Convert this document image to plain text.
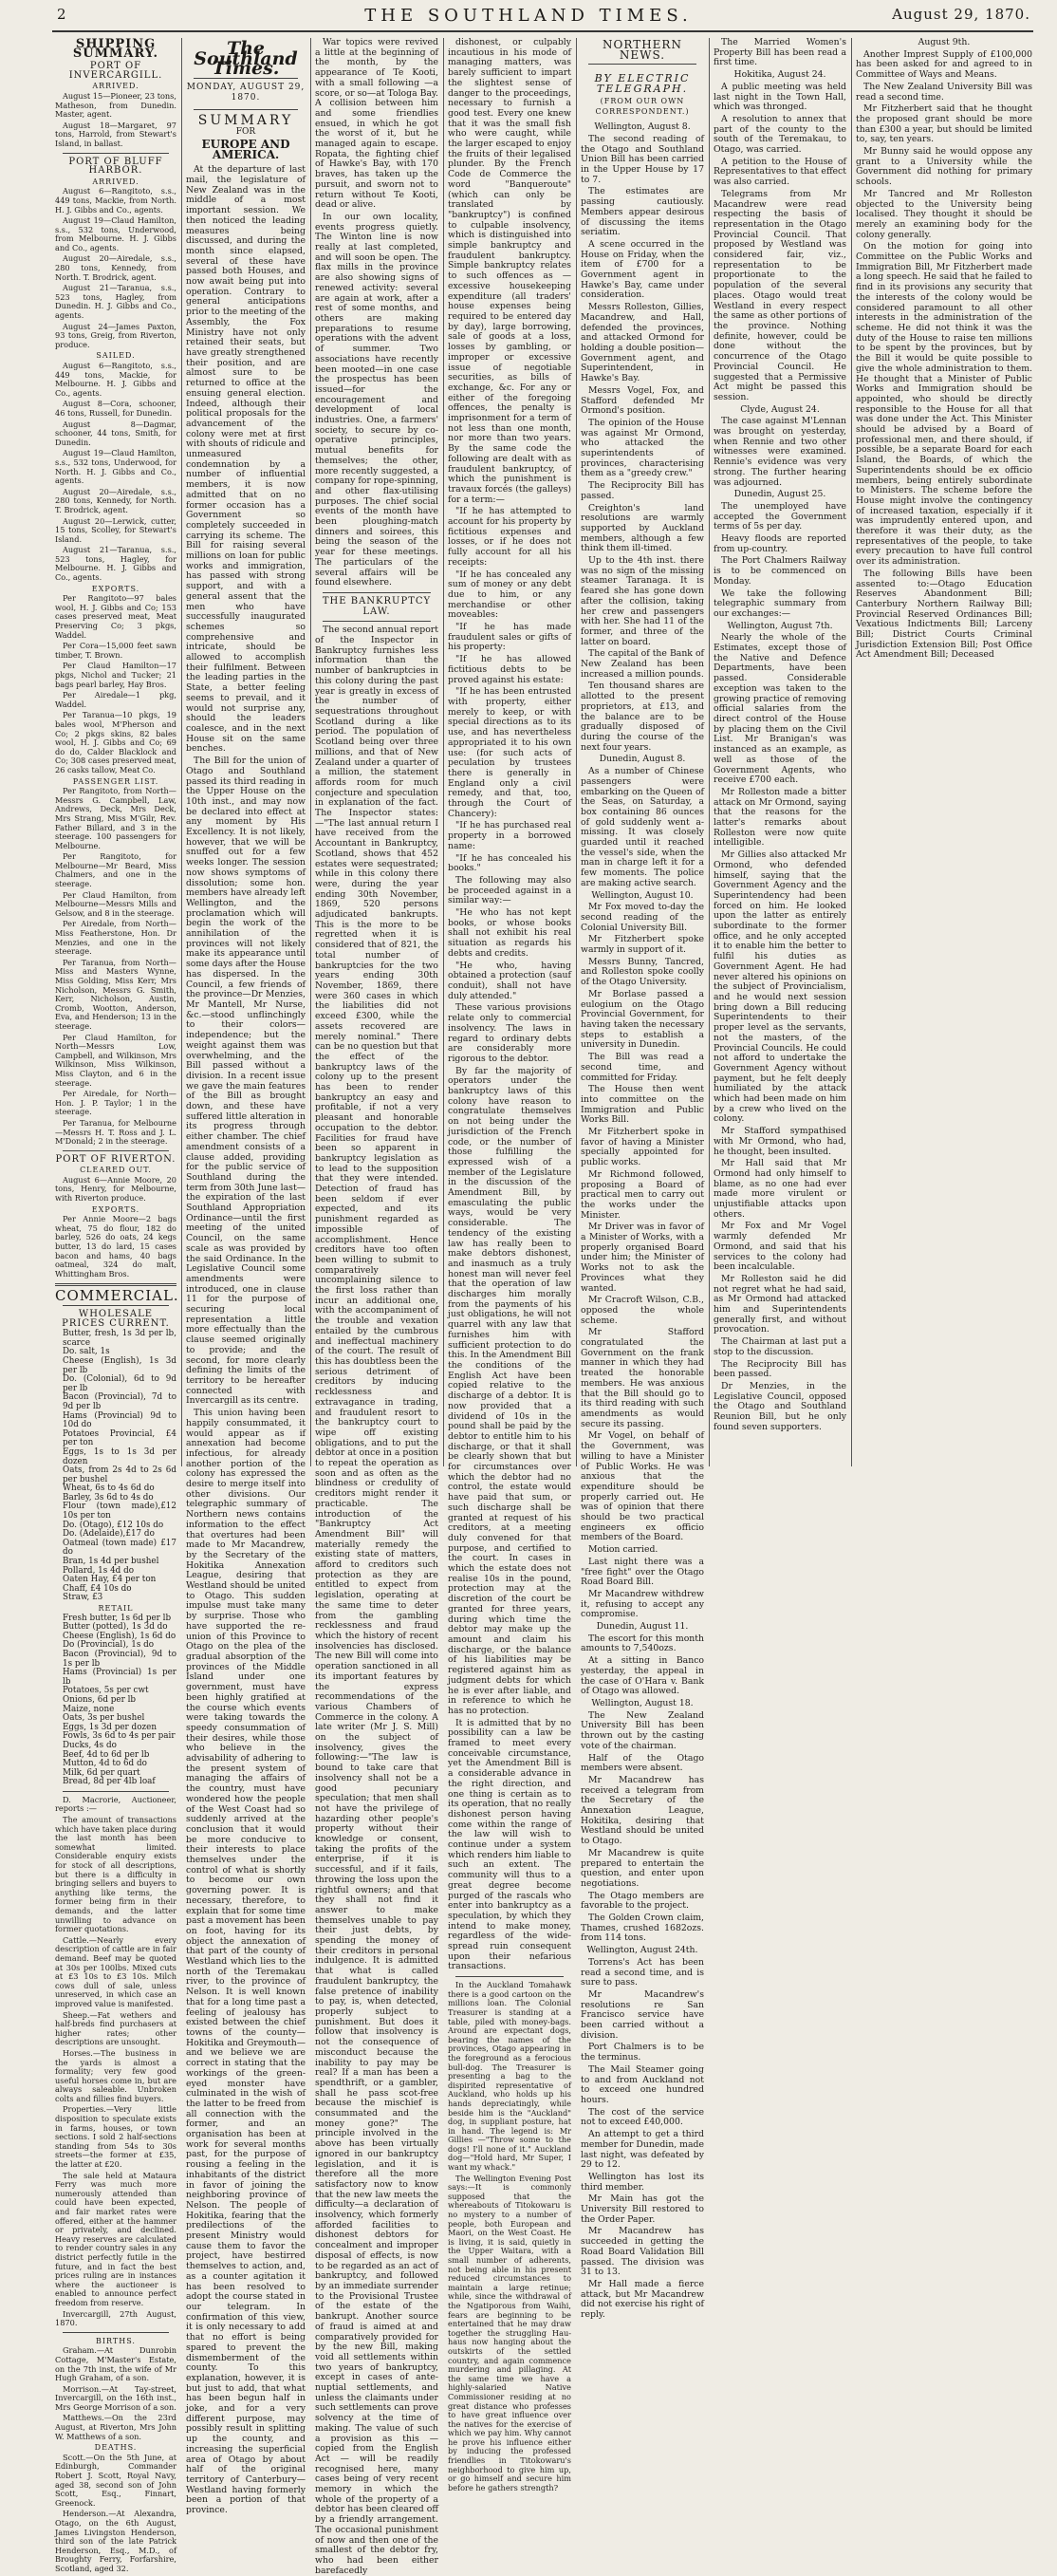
2	THE SOUTHLAND TIMES.	August 29, 1870.
SHIPPING SUMMARY.
PORT OF INVERCARGILL.
ARRIVED.

August 15—Pioneer, 23 tons, Matheson, from Dunedin. Master, agent.

August 18—Margaret, 97 tons, Harrold, from Stewart's Island, in ballast.

PORT OF BLUFF HARBOR.
ARRIVED.

August 6—Rangitoto, s.s., 449 tons, Mackie, from North. H. J. Gibbs and Co., agents.

August 19—Claud Hamilton, s.s., 532 tons, Underwood, from Melbourne. H. J. Gibbs and Co., agents.

August 20—Airedale, s.s., 280 tons, Kennedy, from North. T. Brodrick, agent.

August 21—Taranua, s.s., 523 tons, Hagley, from Dunedin. H. J. Gibbs and Co., agents.

August 24—James Paxton, 93 tons, Greig, from Riverton, produce.

SAILED.

August 6—Rangitoto, s.s., 449 tons, Mackie, for Melbourne. H. J. Gibbs and Co., agents.

August 8—Cora, schooner, 46 tons, Russell, for Dunedin.

August 8—Dagmar, schooner, 44 tons, Smith, for Dunedin.

August 19—Claud Hamilton, s.s., 532 tons, Underwood, for North. H. J. Gibbs and Co., agents.

August 20—Airedale, s.s., 280 tons, Kennedy, for North. T. Brodrick, agent.

August 20—Lerwick, cutter, 15 tons, Scolley, for Stewart's Island.

August 21—Taranua, s.s., 523 tons, Hagley, for Melbourne. H. J. Gibbs and Co., agents.

EXPORTS.

Per Rangitoto—97 bales wool, H. J. Gibbs and Co; 153 cases preserved meat, Meat Preserving Co; 3 pkgs, Waddel.

Per Cora—15,000 feet sawn timber, T. Brown.

Per Claud Hamilton—17 pkgs, Nichol and Tucker; 21 bags pearl barley, Hay Bros.

Per Airedale—1 pkg, Waddel.

Per Taranua—10 pkgs, 19 bales wool, M'Pherson and Co; 2 pkgs skins, 82 bales wool, H. J. Gibbs and Co; 69 do do, Calder Blacklock and Co; 308 cases preserved meat, 26 casks tallow, Meat Co.

PASSENGER LIST.

Per Rangitoto, from North—Messrs G. Campbell, Law, Andrews, Deck, Mrs Deck, Mrs Strang, Miss M'Gilr, Rev. Father Billard, and 3 in the steerage. 100 passengers for Melbourne.

Per Rangitoto, for Melbourne—Mr Beard, Miss Chalmers, and one in the steerage.

Per Claud Hamilton, from Melbourne—Messrs Mills and Gelsow, and 8 in the steerage.

Per Airedale, from North—Miss Featherstone, Hon. Dr Menzies, and one in the steerage.

Per Taranua, from North—Miss and Masters Wynne, Miss Golding, Miss Kerr, Mrs Nicholson, Messrs G. Smith, Kerr, Nicholson, Austin, Cromb, Wootton, Anderson, Eva, and Henderson; 13 in the steerage.

Per Claud Hamilton, for North—Messrs Low, Campbell, and Wilkinson, Mrs Wilkinson, Miss Wilkinson, Miss Clayton, and 6 in the steerage.

Per Airedale, for North—Hon. J. P. Taylor; 1 in the steerage.

Per Taranua, for Melbourne—Messrs H. T. Ross and J. L. M'Donald; 2 in the steerage.

PORT OF RIVERTON.
CLEARED OUT.

August 6—Annie Moore, 20 tons, Henry, for Melbourne, with Riverton produce.

EXPORTS.

Per Annie Moore—2 bags wheat, 75 do flour, 182 do barley, 526 do oats, 24 kegs butter, 13 do lard, 15 cases bacon and hams, 40 bags oatmeal, 324 do malt, Whittingham Bros.

COMMERCIAL.
WHOLESALE PRICES CURRENT.

Butter, fresh, 1s 3d per lb, scarce

Do. salt, 1s

Cheese (English), 1s 3d per lb

Do. (Colonial), 6d to 9d per lb

Bacon (Provincial), 7d to 9d per lb

Hams (Provincial) 9d to 10d do

Potatoes Provincial, £4 per ton

Eggs, 1s to 1s 3d per dozen

Oats, from 2s 4d to 2s 6d per bushel

Wheat, 6s to 4s 6d do

Barley, 3s 6d to 4s do

Flour (town made),£12 10s per ton

Do. (Otago), £12 10s do

Do. (Adelaide),£17 do

Oatmeal (town made) £17 do

Bran, 1s 4d per bushel

Pollard, 1s 4d do

Oaten Hay, £4 per ton

Chaff, £4 10s do

Straw, £3

RETAIL

Fresh butter, 1s 6d per lb

Butter (potted), 1s 3d do

Cheese (English), 1s 6d do

Do (Provincial), 1s do

Bacon (Provincial), 9d to 1s per lb

Hams (Provincial) 1s per lb

Potatoes, 5s per cwt

Onions, 6d per lb

Maize, none

Oats, 3s per bushel

Eggs, 1s 3d per dozen

Fowls, 3s 6d to 4s per pair

Ducks, 4s do

Beef, 4d to 6d per lb

Mutton, 4d to 6d do

Milk, 6d per quart

Bread, 8d per 4lb loaf

D. Macrorie, Auctioneer, reports :—

The amount of transactions which have taken place during the last month has been somewhat limited. Considerable enquiry exists for stock of all descriptions, but there is a difficulty in bringing sellers and buyers to anything like terms, the former being firm in their demands, and the latter unwilling to advance on former quotations.

Cattle.—Nearly every description of cattle are in fair demand. Beef may be quoted at 30s per 100lbs. Mixed cuts at £3 10s to £3 10s. Milch cows dull of sale, unless unreserved, in which case an improved value is manifested.

Sheep.—Fat wethers and half-breds find purchasers at higher rates; other descriptions are unsought.

Horses.—The business in the yards is almost a formality; very few good useful horses come in, but are always saleable. Unbroken colts and fillies find buyers.

Properties.—Very little disposition to speculate exists in farms, houses, or town sections. I sold 2 half-sections standing from 54s to 30s streets—the former at £35, the latter at £20.

The sale held at Mataura Ferry was much more numerously attended than could have been expected, and fair market rates were offered, either at the hammer or privately, and declined. Heavy reserves are calculated to render country sales in any district perfectly futile in the future, and in fact the best prices ruling are in instances where the auctioneer is enabled to announce perfect freedom from reserve.

Invercargill, 27th August, 1870.

BIRTHS.

Graham.—At Dunrobin Cottage, M'Master's Estate, on the 7th inst, the wife of Mr Hugh Graham, of a son.

Morrison.—At Tay-street, Invercargill, on the 16th inst., Mrs George Morrison of a son.

Matthews.—On the 23rd August, at Riverton, Mrs John W. Matthews of a son.

DEATHS.

Scott.—On the 5th June, at Edinburgh, Commander Robert J. Scott, Royal Navy, aged 38, second son of John Scott, Esq., Finnart, Greenock.

Henderson.—At Alexandra, Otago, on the 6th August, James Livingston Henderson, third son of the late Patrick Henderson, Esq., M.D., of Broughty Ferry, Forfarshire, Scotland, aged 32.

The Southland Times.
MONDAY, AUGUST 29, 1870.
SUMMARY
FOR
EUROPE AND AMERICA.

At the departure of last mail, the legislature of New Zealand was in the middle of a most important session. We then noticed the leading measures being discussed, and during the month since elapsed, several of these have passed both Houses, and now await being put into operation. Contrary to general anticipations prior to the meeting of the Assembly, the Fox Ministry have not only retained their seats, but have greatly strengthened their position, and are almost sure to be returned to office at the ensuing general election. Indeed, although their political proposals for the advancement of the colony were met at first with shouts of ridicule and unmeasured condemnation by a number of influential members, it is now admitted that on no former occasion has a Government so completely succeeded in carrying its scheme. The Bill for raising several millions on loan for public works and immigration, has passed with strong support, and with a general assent that the men who have successfully inaugurated schemes so comprehensive and intricate, should be allowed to accomplish their fulfilment. Between the leading parties in the State, a better feeling seems to prevail, and it would not surprise any, should the leaders coalesce, and in the next House sit on the same benches.

The Bill for the union of Otago and Southland passed its third reading in the Upper House on the 10th inst., and may now be declared into effect at any moment by His Excellency. It is not likely, however, that we will be snuffed out for a few weeks longer. The session now shows symptoms of dissolution; some hon. members have already left Wellington, and the proclamation which will begin the work of the annihilation of the provinces will not likely make its appearance until some days after the House has dispersed. In the Council, a few friends of the province—Dr Menzies, Mr Mantell, Mr Nurse, &c.—stood unflinchingly to their colors—independence; but the weight against them was overwhelming, and the Bill passed without a division. In a recent issue we gave the main features of the Bill as brought down, and these have suffered little alteration in its progress through either chamber. The chief amendment consists of a clause added, providing for the public service of Southland during the term from 30th June last—the expiration of the last Southland Appropriation Ordinance—until the first meeting of the united Council, on the same scale as was provided by the said Ordinance. In the Legislative Council some amendments were introduced, one in clause 11 for the purpose of securing local representation a little more effectually than the clause seemed originally to provide; and the second, for more clearly defining the limits of the territory to be hereafter connected with Invercargill as its centre.

This union having been happily consummated, it would appear as if annexation had become infectious, for already another portion of the colony has expressed the desire to merge itself into other divisions. Our telegraphic summary of Northern news contains information to the effect that overtures had been made to Mr Macandrew, by the Secretary of the Hokitika Annexation League, desiring that Westland should be united to Otago. This sudden impulse must take many by surprise. Those who have supported the re-union of this Province to Otago on the plea of the gradual absorption of the provinces of the Middle Island under one government, must have been highly gratified at the course which events were taking towards the speedy consummation of their desires, while those who believe in the advisability of adhering to the present system of managing the affairs of the country, must have wondered how the people of the West Coast had so suddenly arrived at the conclusion that it would be more conducive to their interests to place themselves under the control of what is shortly to become our own governing power. It is necessary, therefore, to explain that for some time past a movement has been on foot, having for its object the annexation of that part of the county of Westland which lies to the north of the Teremakau river, to the province of Nelson. It is well known that for a long time past a feeling of jealousy has existed between the chief towns of the county—Hokitika and Greymouth—and we believe we are correct in stating that the workings of the green-eyed monster have culminated in the wish of the latter to be freed from all connection with the former, and an organisation has been at work for several months past, for the purpose of rousing a feeling in the inhabitants of the district in favor of joining the neighboring province of Nelson. The people of Hokitika, fearing that the predilections of the present Ministry would cause them to favor the project, have bestirred themselves to action, and, as a counter agitation it has been resolved to adopt the course stated in our telegram. In confirmation of this view, it is only necessary to add that no effort is being spared to prevent the dismemberment of the county. To this explanation, however, it is but just to add, that what has been begun half in joke, and for a very different purpose, may possibly result in splitting up the county, and increasing the superficial area of Otago by about half of the original territory of Canterbury—Westland having formerly been a portion of that province.

War topics were revived a little at the beginning of the month, by the appearance of Te Kooti, with a small following —a score, or so—at Tologa Bay. A collision between him and some friendlies ensued, in which he got the worst of it, but he managed again to escape. Ropata, the fighting chief of Hawke's Bay, with 170 braves, has taken up the pursuit, and sworn not to return without Te Kooti, dead or alive.

In our own locality, events progress quietly. The Winton line is now really at last completed, and will soon be open. The flax mills in the province are also showing signs of renewed activity: several are again at work, after a rest of some months, and others are making preparations to resume operations with the advent of summer. Two associations have recently been mooted—in one case the prospectus has been issued—for the encouragement and development of local industries. One, a farmers' society, to secure by co-operative principles, mutual benefits for themselves; the other, more recently suggested, a company for rope-spinning, and other flax-utilising purposes. The chief social events of the month have been ploughing-match dinners and soirees, this being the season of the year for these meetings. The particulars of the several affairs will be found elsewhere.

THE BANKRUPTCY LAW.

The second annual report of the Inspector in Bankruptcy furnishes less information than the number of bankruptcies in this colony during the past year is greatly in excess of the number of sequestrations throughout Scotland during a like period. The population of Scotland being over three millions, and that of New Zealand under a quarter of a million, the statement affords room for much conjecture and speculation in explanation of the fact. The Inspector states:—"The last annual return I have received from the Accountant in Bankruptcy, Scotland, shows that 452 estates were sequestrated; while in this colony there were, during the year ending 30th November, 1869, 520 persons adjudicated bankrupts. This is the more to be regretted when it is considered that of 821, the total number of bankruptcies for the two years ending 30th November, 1869, there were 360 cases in which the liabilities did not exceed £300, while the assets recovered are merely nominal." There can be no question but that the effect of the bankruptcy laws of the colony up to the present has been to render bankruptcy an easy and profitable, if not a very pleasant and honorable occupation to the debtor. Facilities for fraud have been so apparent in bankruptcy legislation as to lead to the supposition that they were intended. Detection of fraud has been seldom if ever expected, and its punishment regarded as impossible of accomplishment. Hence creditors have too often been willing to submit to comparatively uncomplaining silence to the first loss rather than incur an additional one, with the accompaniment of the trouble and vexation entailed by the cumbrous and ineffectual machinery of the court. The result of this has doubtless been the serious detriment of creditors by inducing recklessness and extravagance in trading, and fraudulent resort to the bankruptcy court to wipe off existing obligations, and to put the debtor at once in a position to repeat the operation as soon and as often as the blindness or credulity of creditors might render it practicable. The introduction of the "Bankruptcy Act Amendment Bill" will materially remedy the existing state of matters, afford to creditors such protection as they are entitled to expect from legislation, operating at the same time to deter from the gambling recklessness and fraud which the history of recent insolvencies has disclosed. The new Bill will come into operation sanctioned in all its important features by the express recommendations of the various Chambers of Commerce in the colony. A late writer (Mr J. S. Mill) on the subject of insolvency, gives the following:—"The law is bound to take care that insolvency shall not be a good pecuniary speculation; that men shall not have the privilege of hazarding other people's property without their knowledge or consent, taking the profits of the enterprise, if it is successful, and if it fails, throwing the loss upon the rightful owners; and that they shall not find it answer to make themselves unable to pay their just debts, by spending the money of their creditors in personal indulgence. It is admitted that what is called fraudulent bankruptcy, the false pretence of inability to pay, is, when detected, properly subject to punishment. But does it follow that insolvency is not the consequence of misconduct because the inability to pay may be real? If a man has been a spendthrift, or a gambler, shall he pass scot-free because the mischief is consummated and the money gone?" The principle involved in the above has been virtually ignored in our bankruptcy legislation, and it is therefore all the more satisfactory now to know that the new law meets the difficulty—a declaration of insolvency, which formerly afforded facilities to dishonest debtors for concealment and improper disposal of effects, is now to be regarded as an act of bankruptcy, and followed by an immediate surrender to the Provisional Trustee of the estate of the bankrupt. Another source of fraud is aimed at and comparatively provided for by the new Bill, making void all settlements within two years of bankruptcy, except in cases of ante-nuptial settlements, and unless the claimants under such settlements can prove solvency at the time of making. The value of such a provision as this — copied from the English Act — will be readily recognised here, many cases being of very recent memory in which the whole of the property of a debtor has been cleared off by a friendly arrangement. The occasional punishment of now and then one of the smallest of the debtor fry, who had been either barefacedly

dishonest, or culpably incautious in his mode of managing matters, was barely sufficient to impart the slightest sense of danger to the proceedings, necessary to furnish a good test. Every one knew that it was the small fish who were caught, while the larger escaped to enjoy the fruits of their legalised plunder. By the French Code de Commerce the word "Banqueroute" (which can only be translated by "bankruptcy") is confined to culpable insolvency, which is distinguished into simple bankruptcy and fraudulent bankruptcy. Simple bankruptcy relates to such offences as — excessive housekeeping expenditure (all traders' house expenses being required to be entered day by day), large borrowing, sale of goods at a loss, losses by gambling, or improper or excessive issue of negotiable securities, as bills of exchange, &c. For any or either of the foregoing offences, the penalty is imprisonment for a term of not less than one month, nor more than two years. By the same code the following are dealt with as fraudulent bankruptcy, of which the punishment is travaux forcés (the galleys) for a term:—

"If he has attempted to account for his property by fictitious expenses and losses, or if he does not fully account for all his receipts:

"If he has concealed any sum of money or any debt due to him, or any merchandise or other moveables:

"If he has made fraudulent sales or gifts of his property:

"If he has allowed fictitious debts to be proved against his estate:

"If he has been entrusted with property, either merely to keep, or with special directions as to its use, and has nevertheless appropriated it to his own use: (for such acts of peculation by trustees there is generally in England only a civil remedy, and that, too, through the Court of Chancery):

"If he has purchased real property in a borrowed name:

"If he has concealed his books."

The following may also be proceeded against in a similar way:—

"He who has not kept books, or whose books shall not exhibit his real situation as regards his debts and credits.

"He who, having obtained a protection (sauf conduit), shall not have duly attended."

These various provisions relate only to commercial insolvency. The laws in regard to ordinary debts are considerably more rigorous to the debtor.

By far the majority of operators under the bankruptcy laws of this colony have reason to congratulate themselves on not being under the jurisdiction of the French code, or the number of those fulfilling the expressed wish of a member of the Legislature in the discussion of the Amendment Bill, by emasculating the public ways, would be very considerable. The tendency of the existing law has really been to make debtors dishonest, and inasmuch as a truly honest man will never feel that the operation of law discharges him morally from the payments of his just obligations, he will not quarrel with any law that furnishes him with sufficient protection to do this. In the Amendment Bill the conditions of the English Act have been copied relative to the discharge of a debtor. It is now provided that a dividend of 10s in the pound shall be paid by the debtor to entitle him to his discharge, or that it shall be clearly shown that but for circumstances over which the debtor had no control, the estate would have paid that sum, or such discharge shall be granted at request of his creditors, at a meeting duly convened for that purpose, and certified to the court. In cases in which the estate does not realise 10s in the pound, protection may at the discretion of the court be granted for three years, during which time the debtor may make up the amount and claim his discharge, or the balance of his liabilities may be registered against him as judgment debts for which he is ever after liable, and in reference to which he has no protection.

It is admitted that by no possibility can a law be framed to meet every conceivable circumstance, yet the Amendment Bill is a considerable advance in the right direction, and one thing is certain as to its operation, that no really dishonest person having come within the range of the law will wish to continue under a system which renders him liable to such an extent. The community will thus to a great degree become purged of the rascals who enter into bankruptcy as a speculation, by which they intend to make money, regardless of the wide-spread ruin consequent upon their nefarious transactions.

In the Auckland Tomahawk there is a good cartoon on the millions loan. The Colonial Treasurer is standing at a table, piled with money-bags. Around are expectant dogs, bearing the names of the provinces, Otago appearing in the foreground as a ferocious bull-dog. The Treasurer is presenting a bag to the dispirited representative of Auckland, who holds up his hands depreciatingly, while beside him is the "Auckland" dog, in suppliant posture, hat in hand. The legend is: Mr Gillies —"Throw some to the dogs! I'll none of it." Auckland dog—"Hold hard, Mr Super, I want my whack."

The Wellington Evening Post says:—It is commonly supposed that the whereabouts of Titokowaru is no mystery to a number of people, both European and Maori, on the West Coast. He is living, it is said, quietly in the Upper Waitara, with a small number of adherents, not being able in his present reduced circumstances to maintain a large retinue; while, since the withdrawal of the Ngatiporous from Waihi, fears are beginning to be entertained that he may draw together the struggling Hau-haus now hanging about the outskirts of the settled country, and again commence murdering and pillaging. At the same time we have a highly-salaried Native Commissioner residing at no great distance who professes to have great influence over the natives for the exercise of which we pay him. Why cannot he prove his influence either by inducing the professed friendlies in Titokowaru's neighborhood to give him up, or go himself and secure him before he gathers strength?

NORTHERN NEWS.
BY ELECTRIC TELEGRAPH.
(FROM OUR OWN CORRESPONDENT.)

Wellington, August 8.

The second reading of the Otago and Southland Union Bill has been carried in the Upper House by 17 to 7.

The estimates are passing cautiously. Members appear desirous of discussing the items seriatim.

A scene occurred in the House on Friday, when the item of £700 for a Government agent in Hawke's Bay, came under consideration.

Messrs Rolleston, Gillies, Macandrew, and Hall, defended the provinces, and attacked Ormond for holding a double position—Government agent, and Superintendent, in Hawke's Bay.

Messrs Vogel, Fox, and Stafford defended Mr Ormond's position.

The opinion of the House was against Mr Ormond, who attacked the superintendents of provinces, characterising them as a "greedy crew."

The Reciprocity Bill has passed.

Creighton's land resolutions are warmly supported by Auckland members, although a few think them ill-timed.

Up to the 4th inst. there was no sign of the missing steamer Taranaga. It is feared she has gone down after the collision, taking her crew and passengers with her. She had 11 of the former, and three of the latter on board.

The capital of the Bank of New Zealand has been increased a million pounds.

Ten thousand shares are allotted to the present proprietors, at £13, and the balance are to be gradually disposed of during the course of the next four years.

Dunedin, August 8.

As a number of Chinese passengers were embarking on the Queen of the Seas, on Saturday, a box containing 86 ounces of gold suddenly went a-missing. It was closely guarded until it reached the vessel's side, when the man in charge left it for a few moments. The police are making active search.

Wellington, August 10.

Mr Fox moved to-day the second reading of the Colonial University Bill.

Mr Fitzherbert spoke warmly in support of it.

Messrs Bunny, Tancred, and Rolleston spoke coolly of the Otago University.

Mr Borlase passed a eulogium on the Otago Provincial Government, for having taken the necessary steps to establish a university in Dunedin.

The Bill was read a second time, and committed for Friday.

The House then went into committee on the Immigration and Public Works Bill.

Mr Fitzherbert spoke in favor of having a Minister specially appointed for public works.

Mr Richmond followed, proposing a Board of practical men to carry out the works under the Minister.

Mr Driver was in favor of a Minister of Works, with a properly organised Board under him; the Minister of Works not to ask the Provinces what they wanted.

Mr Cracroft Wilson, C.B., opposed the whole scheme.

Mr Stafford congratulated the Government on the frank manner in which they had treated the honorable members. He was anxious that the Bill should go to its third reading with such amendments as would secure its passing.

Mr Vogel, on behalf of the Government, was willing to have a Minister of Public Works. He was anxious that the expenditure should be properly carried out. He was of opinion that there should be two practical engineers ex officio members of the Board.

Motion carried.

Last night there was a "free fight" over the Otago Road Board Bill.

Mr Macandrew withdrew it, refusing to accept any compromise.

Dunedin, August 11.

The escort for this month amounts to 7,540ozs.

At a sitting in Banco yesterday, the appeal in the case of O'Hara v. Bank of Otago was allowed.

Wellington, August 18.

The New Zealand University Bill has been thrown out by the casting vote of the chairman.

Half of the Otago members were absent.

Mr Macandrew has received a telegram from the Secretary of the Annexation League, Hokitika, desiring that Westland should be united to Otago.

Mr Macandrew is quite prepared to entertain the question, and enter upon negotiations.

The Otago members are favorable to the project.

The Golden Crown claim, Thames, crushed 1682ozs. from 114 tons.

Wellington, August 24th.

Torrens's Act has been read a second time, and is sure to pass.

Mr Macandrew's resolutions re San Francisco service have been carried without a division.

Port Chalmers is to be the terminus.

The Mail Steamer going to and from Auckland not to exceed one hundred hours.

The cost of the service not to exceed £40,000.

An attempt to get a third member for Dunedin, made last night, was defeated by 29 to 12.

Wellington has lost its third member.

Mr Main has got the University Bill restored to the Order Paper.

Mr Macandrew has succeeded in getting the Road Board Validation Bill passed. The division was 31 to 13.

Mr Hall made a fierce attack, but Mr Macandrew did not exercise his right of reply.

The Married Women's Property Bill has been read a first time.

Hokitika, August 24.

A public meeting was held last night in the Town Hall, which was thronged.

A resolution to annex that part of the county to the south of the Teremakau, to Otago, was carried.

A petition to the House of Representatives to that effect was also carried.

Telegrams from Mr Macandrew were read respecting the basis of representation in the Otago Provincial Council. That proposed by Westland was considered fair, viz., representation to be proportionate to the population of the several places. Otago would treat Westland in every respect the same as other portions of the province. Nothing definite, however, could be done without the concurrence of the Otago Provincial Council. He suggested that a Permissive Act might be passed this session.

Clyde, August 24.

The case against M'Lennan was brought on yesterday, when Rennie and two other witnesses were examined. Rennie's evidence was very strong. The further hearing was adjourned.

Dunedin, August 25.

The unemployed have accepted the Government terms of 5s per day.

Heavy floods are reported from up-country.

The Port Chalmers Railway is to be commenced on Monday.

We take the following telegraphic summary from our exchanges:—

Wellington, August 7th.

Nearly the whole of the Estimates, except those of the Native and Defence Departments, have been passed. Considerable exception was taken to the growing practice of removing official salaries from the direct control of the House by placing them on the Civil List. Mr Branigan's was instanced as an example, as well as those of the Government Agents, who receive £700 each.

Mr Rolleston made a bitter attack on Mr Ormond, saying that the reasons for the latter's remarks about Rolleston were now quite intelligible.

Mr Gillies also attacked Mr Ormond, who defended himself, saying that the Government Agency and the Superintendency had been forced on him. He looked upon the latter as entirely subordinate to the former office, and he only accepted it to enable him the better to fulfil his duties as Government Agent. He had never altered his opinions on the subject of Provincialism, and he would next session bring down a Bill reducing Superintendents to their proper level as the servants, not the masters, of the Provincial Councils. He could not afford to undertake the Government Agency without payment, but he felt deeply humiliated by the attack which had been made on him by a crew who lived on the colony.

Mr Stafford sympathised with Mr Ormond, who had, he thought, been insulted.

Mr Hall said that Mr Ormond had only himself to blame, as no one had ever made more virulent or unjustifiable attacks upon others.

Mr Fox and Mr Vogel warmly defended Mr Ormond, and said that his services to the colony had been incalculable.

Mr Rolleston said he did not regret what he had said, as Mr Ormond had attacked him and Superintendents generally first, and without provocation.

The Chairman at last put a stop to the discussion.

The Reciprocity Bill has been passed.

Dr Menzies, in the Legislative Council, opposed the Otago and Southland Reunion Bill, but he only found seven supporters.

August 9th.

Another Imprest Supply of £100,000 has been asked for and agreed to in Committee of Ways and Means.

The New Zealand University Bill was read a second time.

Mr Fitzherbert said that he thought the proposed grant should be more than £300 a year, but should be limited to, say, ten years.

Mr Bunny said he would oppose any grant to a University while the Government did nothing for primary schools.

Mr Tancred and Mr Rolleston objected to the University being localised. They thought it should be merely an examining body for the colony generally.

On the motion for going into Committee on the Public Works and Immigration Bill, Mr Fitzherbert made a long speech. He said that he failed to find in its provisions any security that the interests of the colony would be considered paramount to all other interests in the administration of the scheme. He did not think it was the duty of the House to raise ten millions to be spent by the provinces, but by the Bill it would be quite possible to give the whole administration to them. He thought that a Minister of Public Works and Immigration should be appointed, who should be directly responsible to the House for all that was done under the Act. This Minister should be advised by a Board of professional men, and there should, if possible, be a separate Board for each Island, the Boards, of which the Superintendents should be ex officio members, being entirely subordinate to Ministers. The scheme before the House might involve the contingency of increased taxation, especially if it was imprudently entered upon, and therefore it was their duty, as the representatives of the people, to take every precaution to have full control over its administration.

The following Bills have been assented to:—Otago Education Reserves Abandonment Bill; Canterbury Northern Railway Bill; Provincial Reserved Ordinances Bill; Vexatious Indictments Bill; Larceny Bill; District Courts Criminal Jurisdiction Extension Bill; Post Office Act Amendment Bill; Deceased
